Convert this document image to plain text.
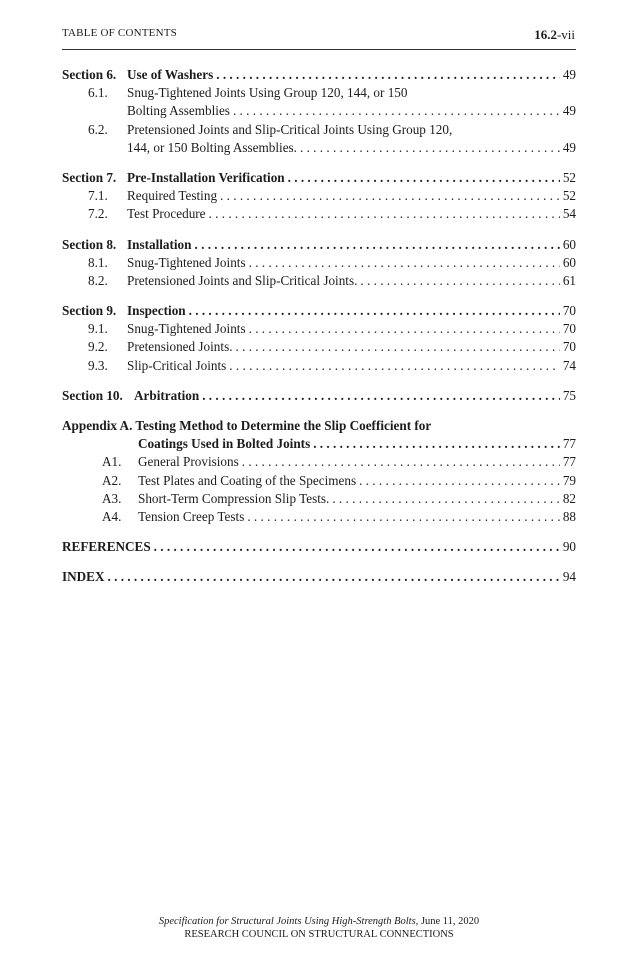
TABLE OF CONTENTS	16.2-vii
Section 6. Use of Washers . . .	49
6.1. Snug-Tightened Joints Using Group 120, 144, or 150
Bolting Assemblies . . .	49
6.2. Pretensioned Joints and Slip-Critical Joints Using Group 120,
144, or 150 Bolting Assemblies. . . .	49
Section 7. Pre-Installation Verification . . .	52
7.1. Required Testing . . .	52
7.2. Test Procedure . . .	54
Section 8. Installation . . .	60
8.1. Snug-Tightened Joints . . .	60
8.2. Pretensioned Joints and Slip-Critical Joints. . . .	61
Section 9. Inspection . . .	70
9.1. Snug-Tightened Joints . . .	70
9.2. Pretensioned Joints. . . .	70
9.3. Slip-Critical Joints . . .	74
Section 10. Arbitration . . .	75
Appendix A. Testing Method to Determine the Slip Coefficient for
Coatings Used in Bolted Joints . . .	77
A1. General Provisions . . .	77
A2. Test Plates and Coating of the Specimens . . .	79
A3. Short-Term Compression Slip Tests. . . .	82
A4. Tension Creep Tests . . .	88
REFERENCES . . .	90
INDEX . . .	94
Specification for Structural Joints Using High-Strength Bolts, June 11, 2020
RESEARCH COUNCIL ON STRUCTURAL CONNECTIONS
